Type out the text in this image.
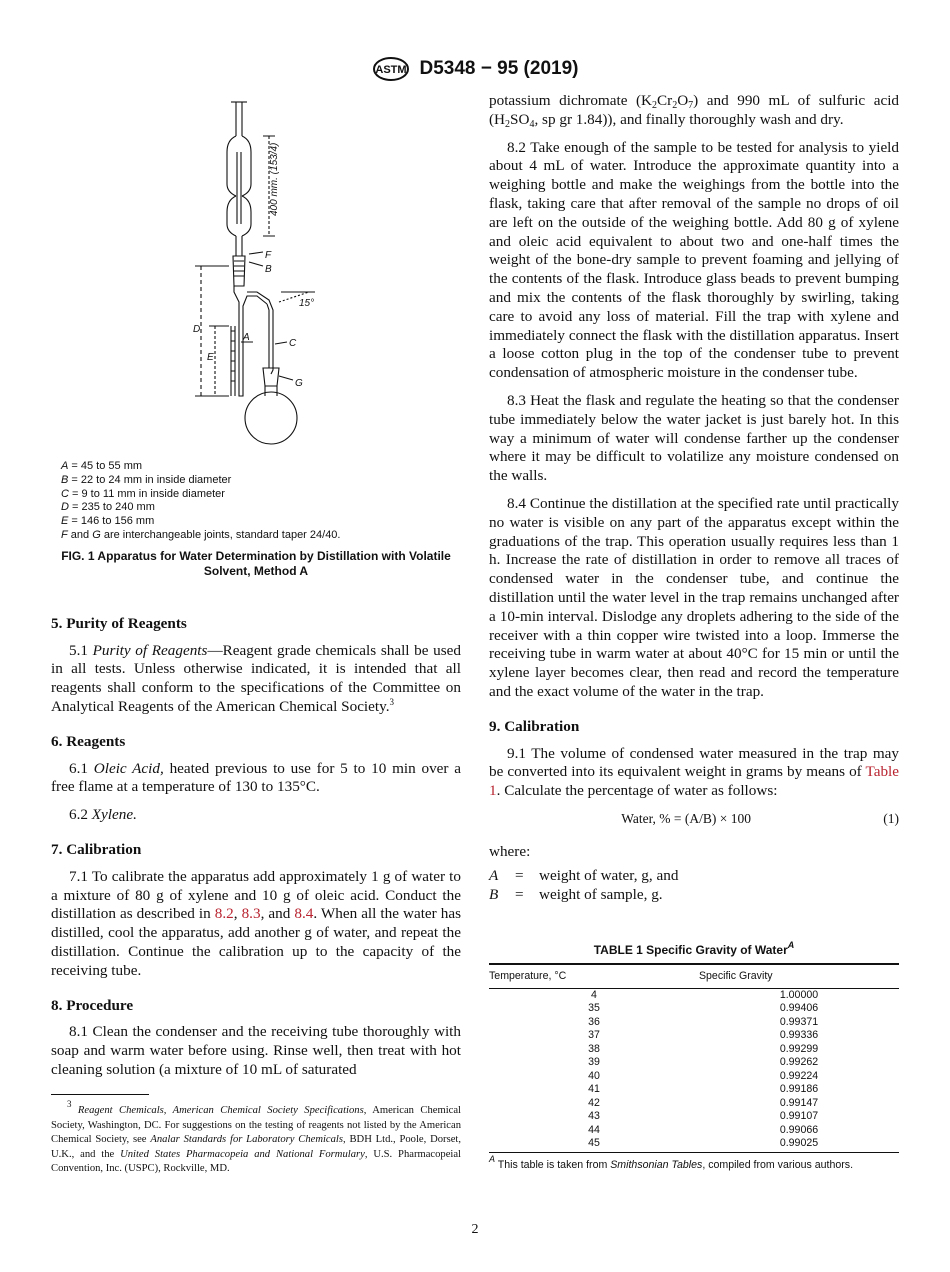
ASTM D5348 − 95 (2019)
400 mm. (153/4)
F
B
15°
D
E
A
C
G
A = 45 to 55 mm
B = 22 to 24 mm in inside diameter
C = 9 to 11 mm in inside diameter
D = 235 to 240 mm
E = 146 to 156 mm
F and G are interchangeable joints, standard taper 24/40.
FIG. 1 Apparatus for Water Determination by Distillation with Volatile Solvent, Method A
5. Purity of Reagents

5.1 Purity of Reagents—Reagent grade chemicals shall be used in all tests. Unless otherwise indicated, it is intended that all reagents shall conform to the specifications of the Committee on Analytical Reagents of the American Chemical Society.$^3$

6. Reagents

6.1 Oleic Acid, heated previous to use for 5 to 10 min over a free flame at a temperature of 130 to 135°C.

6.2 Xylene.

7. Calibration

7.1 To calibrate the apparatus add approximately 1 g of water to a mixture of 80 g of xylene and 10 g of oleic acid. Conduct the distillation as described in 8.2, 8.3, and 8.4. When all the water has distilled, cool the apparatus, add another g of water, and repeat the distillation. Continue the calibration up to the capacity of the receiving tube.

8. Procedure

8.1 Clean the condenser and the receiving tube thoroughly with soap and warm water before using. Rinse well, then treat with hot cleaning solution (a mixture of 10 mL of saturated

$^3$ Reagent Chemicals, American Chemical Society Specifications, American Chemical Society, Washington, DC. For suggestions on the testing of reagents not listed by the American Chemical Society, see Analar Standards for Laboratory Chemicals, BDH Ltd., Poole, Dorset, U.K., and the United States Pharmacopeia and National Formulary, U.S. Pharmacopeial Convention, Inc. (USPC), Rockville, MD.

potassium dichromate $(K_2Cr_2O_7)$ and 990 mL of sulfuric acid ($H_2SO_4$, sp gr 1.84)), and finally thoroughly wash and dry.

8.2 Take enough of the sample to be tested for analysis to yield about 4 mL of water. Introduce the approximate quantity into a weighing bottle and make the weighings from the bottle into the flask, taking care that after removal of the sample no drops of oil are left on the outside of the weighing bottle. Add 80 g of xylene and oleic acid equivalent to about two and one-half times the weight of the bone-dry sample to prevent foaming and jellying of the contents of the flask. Introduce glass beads to prevent bumping and mix the contents of the flask thoroughly by swirling, taking care to avoid any loss of material. Fill the trap with xylene and immediately connect the flask with the distillation apparatus. Insert a loose cotton plug in the top of the condenser tube to prevent condensation of atmospheric moisture in the condenser tube.

8.3 Heat the flask and regulate the heating so that the condenser tube immediately below the water jacket is just barely hot. In this way a minimum of water will condense farther up the condenser where it may be difficult to volatilize any moisture condensed on the walls.

8.4 Continue the distillation at the specified rate until practically no water is visible on any part of the apparatus except within the graduations of the trap. This operation usually requires less than 1 h. Increase the rate of distillation in order to remove all traces of condensed water in the condenser tube, and continue the distillation until the water level in the trap remains unchanged after a 10-min interval. Dislodge any droplets adhering to the side of the receiver with a thin copper wire twisted into a loop. Immerse the receiving tube in warm water at about 40°C for 15 min or until the xylene layer becomes clear, then read and record the temperature and the exact volume of the water in the trap.

9. Calibration

9.1 The volume of condensed water measured in the trap may be converted into its equivalent weight in grams by means of Table 1. Calculate the percentage of water as follows:

Water, % = (A/B) × 100	(1)

where:

A	=	weight of water, g, and
B	=	weight of sample, g.
TABLE 1 Specific Gravity of Water$^A$
Temperature, °C	Specific Gravity
4	1.00000
35	0.99406
36	0.99371
37	0.99336
38	0.99299
39	0.99262
40	0.99224
41	0.99186
42	0.99147
43	0.99107
44	0.99066
45	0.99025
$^A$ This table is taken from Smithsonian Tables, compiled from various authors.
2
